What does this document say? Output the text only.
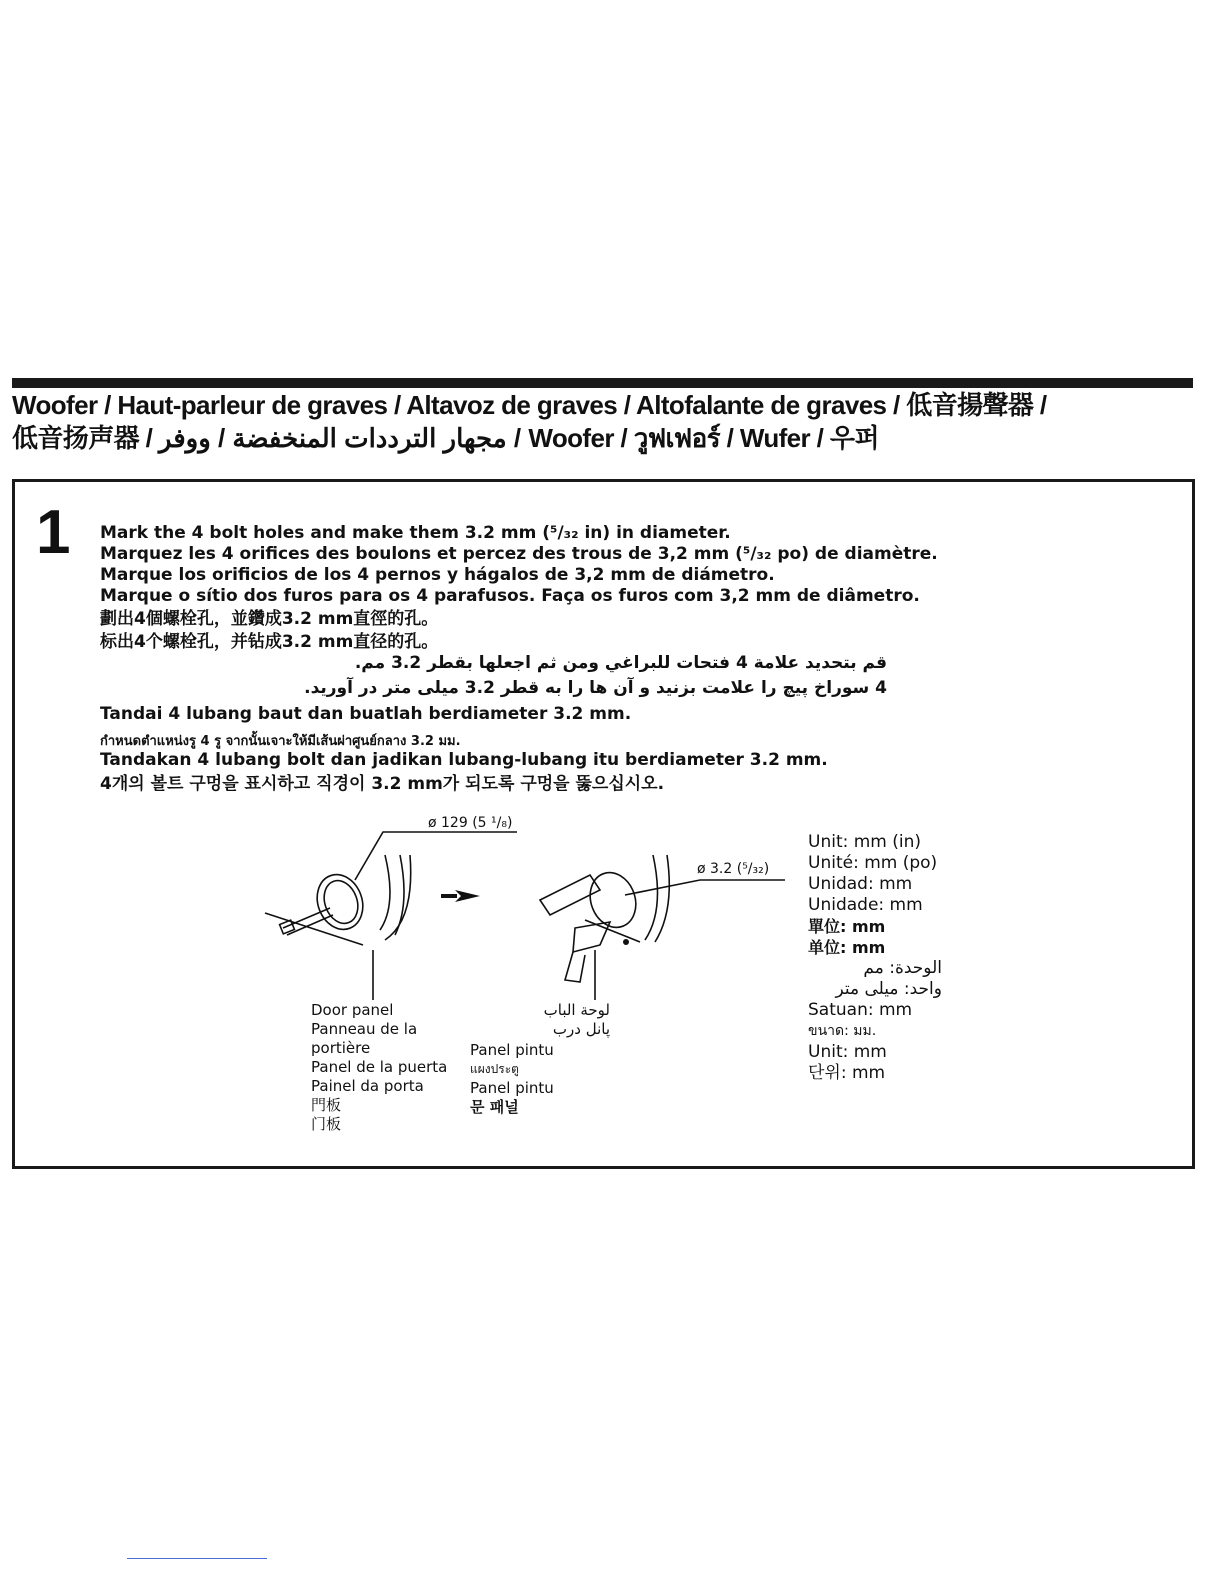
Woofer / Haut-parleur de graves / Altavoz de graves / Altofalante de graves / 低音揚聲器 /
低音扬声器 / مجهار الترددات المنخفضة / ووفر / Woofer / วูฟเฟอร์ / Wufer / 우퍼
1 Mark the 4 bolt holes and make them 3.2 mm (⁵/₃₂ in) in diameter.
Marquez les 4 orifices des boulons et percez des trous de 3,2 mm (⁵/₃₂ po) de diamètre.
Marque los orificios de los 4 pernos y hágalos de 3,2 mm de diámetro.
Marque o sítio dos furos para os 4 parafusos. Faça os furos com 3,2 mm de diâmetro.
劃出4個螺栓孔，並鑽成3.2 mm直徑的孔。
标出4个螺栓孔，并钻成3.2 mm直径的孔。
قم بتحديد علامة 4 فتحات للبراغي ومن ثم اجعلها بقطر 3.2 مم.
4 سوراخ پیچ را علامت بزنید و آن ها را به قطر 3.2 میلی متر در آورید.
Tandai 4 lubang baut dan buatlah berdiameter 3.2 mm.
กำหนดตำแหน่งรู 4 รู จากนั้นเจาะให้มีเส้นผ่าศูนย์กลาง 3.2 มม.
Tandakan 4 lubang bolt dan jadikan lubang-lubang itu berdiameter 3.2 mm.
4개의 볼트 구멍을 표시하고 직경이 3.2 mm가 되도록 구멍을 뚫으십시오.
ø 129 (5 ¹/₈)
ø 3.2 (⁵/₃₂)
Door panel
Panneau de la
portière
Panel de la puerta
Painel da porta
門板
门板
لوحة الباب
پانل درب
Panel pintu
แผงประตู
Panel pintu
문 패널
Unit: mm (in)
Unité: mm (po)
Unidad: mm
Unidade: mm
單位: mm
单位: mm
الوحدة: مم
واحد: میلی متر
Satuan: mm
ขนาด: มม.
Unit: mm
단위: mm
